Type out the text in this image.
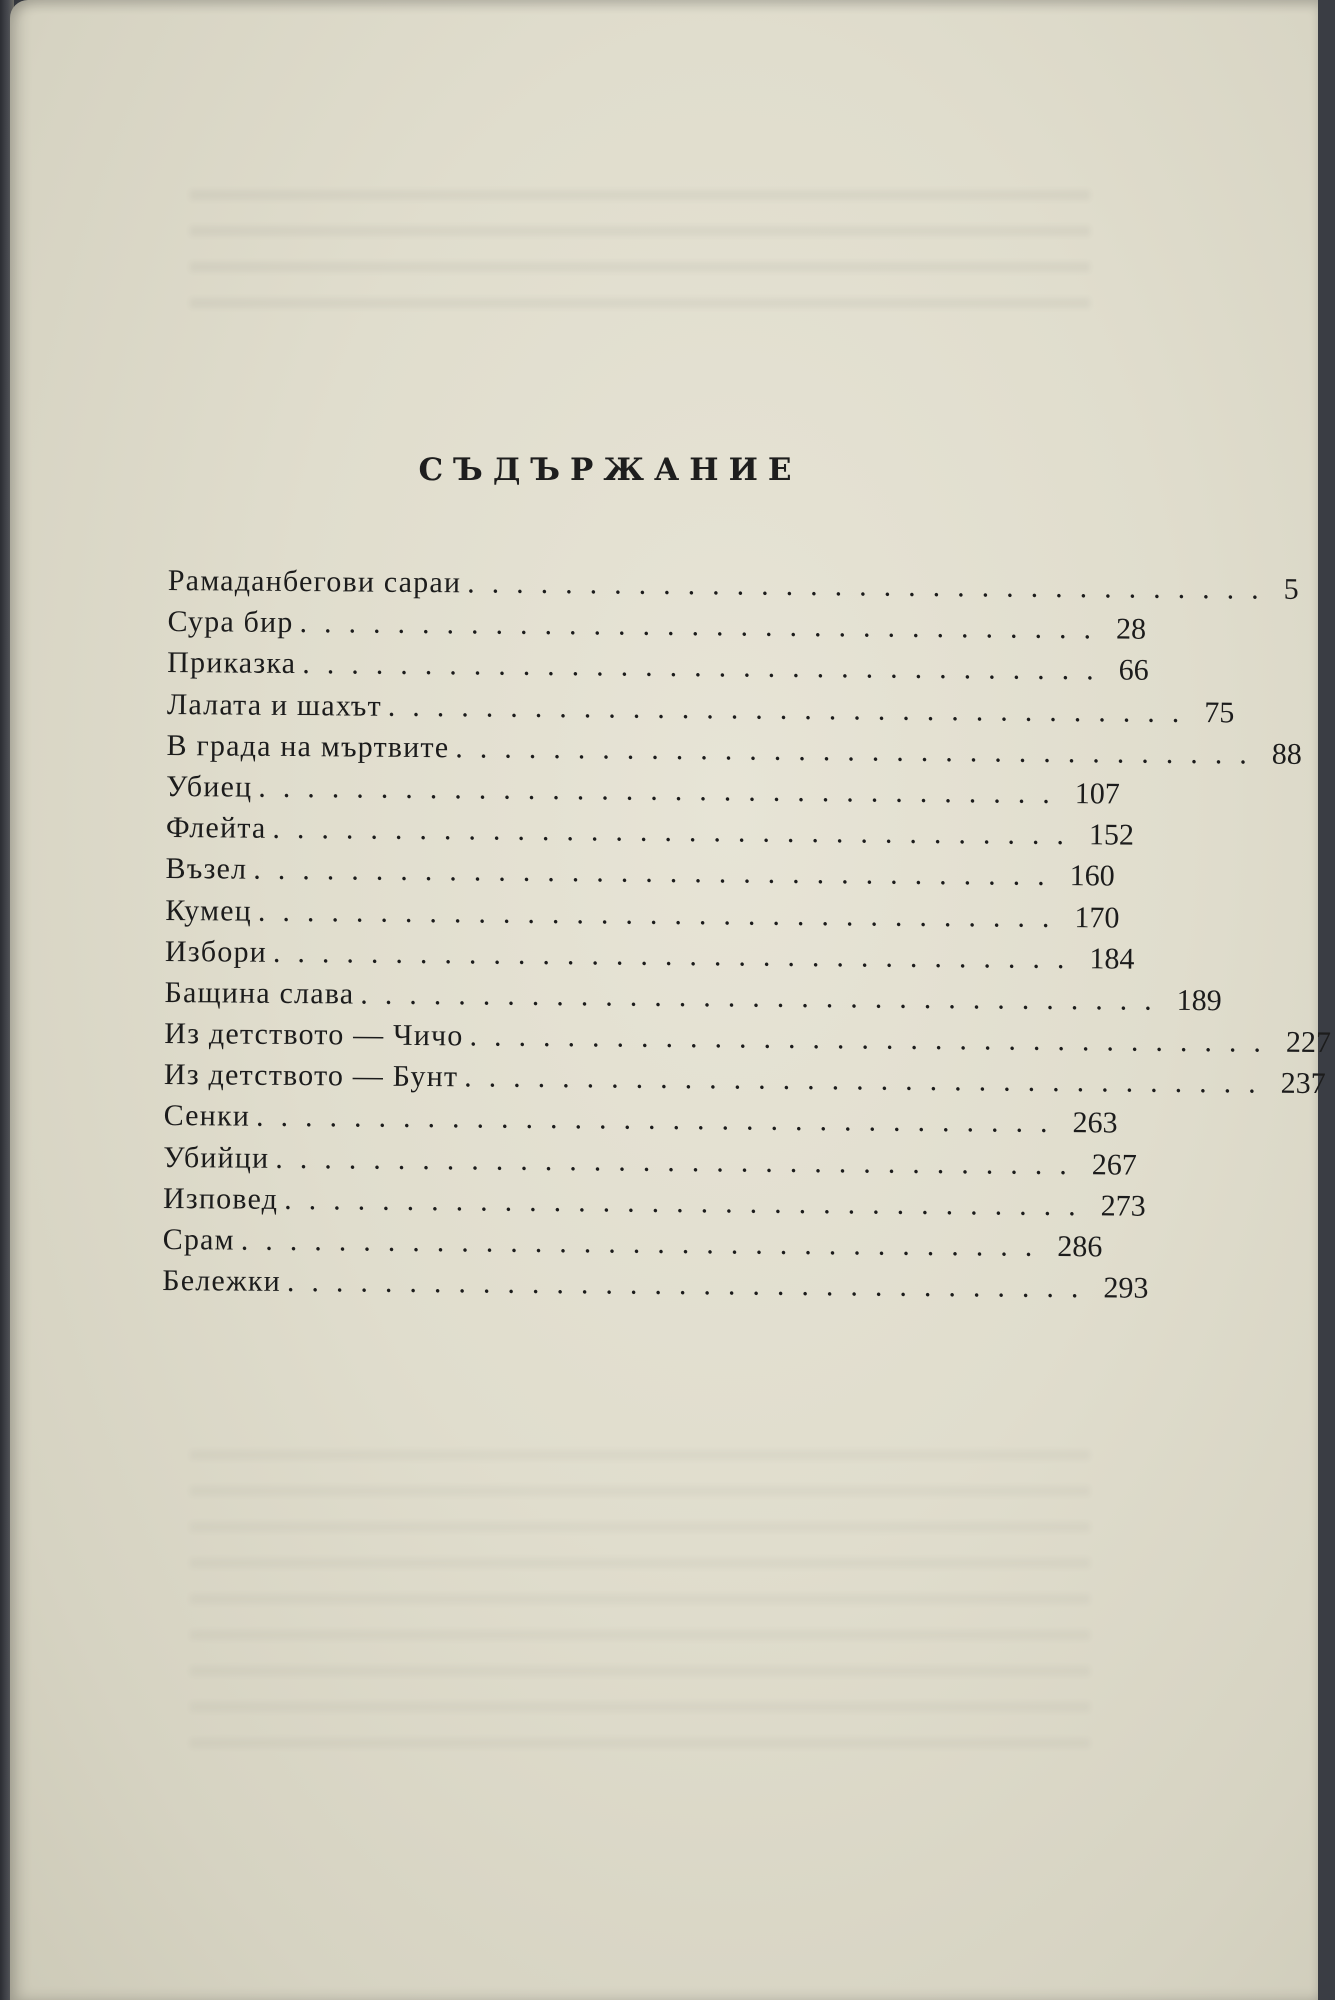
СЪДЪРЖАНИЕ
Рамаданбегови сараи ................................. 5
Сура бир ................................. 28
Приказка ................................. 66
Лалата и шахът ................................. 75
В града на мъртвите ................................. 88
Убиец ................................. 107
Флейта ................................. 152
Възел ................................. 160
Кумец ................................. 170
Избори ................................. 184
Бащина слава ................................. 189
Из детството — Чичо ................................. 227
Из детството — Бунт ................................. 237
Сенки ................................. 263
Убийци ................................. 267
Изповед ................................. 273
Срам ................................. 286
Бележки ................................. 293
